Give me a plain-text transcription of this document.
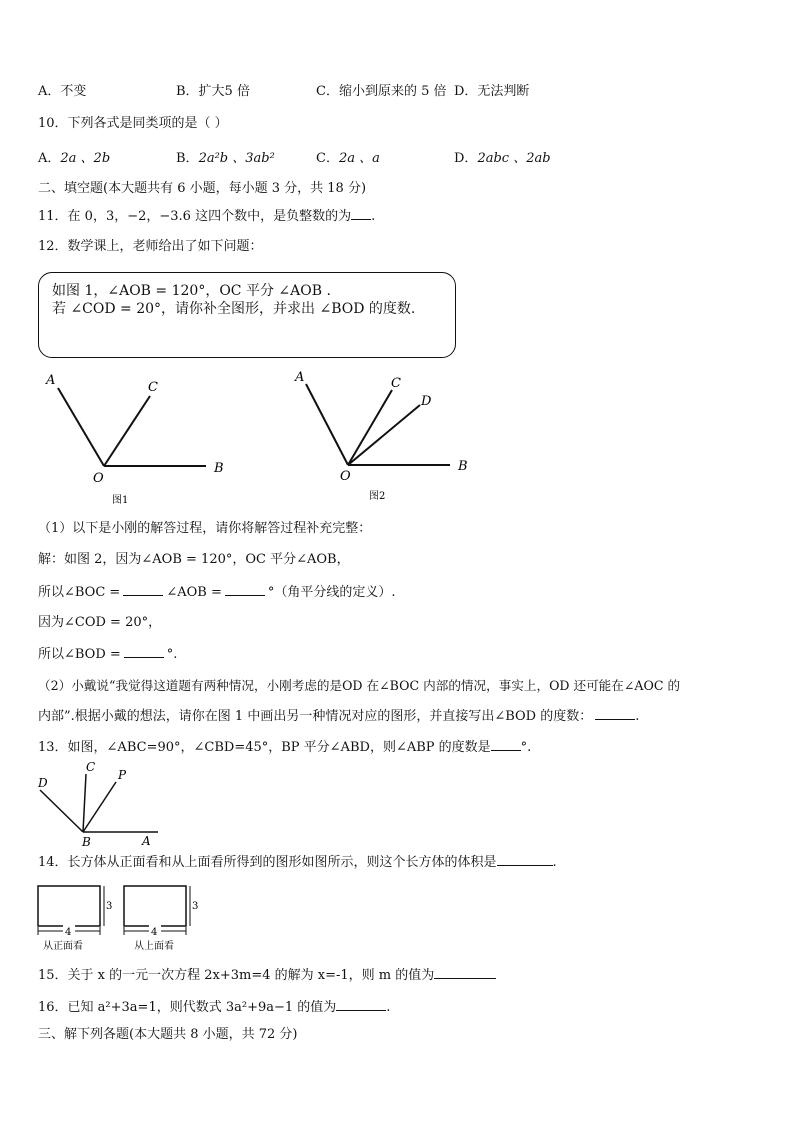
A．不变	B．扩大5 倍	C．缩小到原来的 5 倍 D．无法判断
10．下列各式是同类项的是（ ）
A．2a 、2b	B．2a²b 、3ab²	C．2a 、a	D．2abc 、2ab
二、填空题(本大题共有 6 小题，每小题 3 分，共 18 分)
11．在 0，3，−2，−3.6 这四个数中，是负整数的为 .
12．数学课上，老师给出了如下问题：
如图 1，∠AOB = 120°，OC 平分 ∠AOB .
若 ∠COD = 20°，请你补全图形，并求出 ∠BOD 的度数.
A	C
O
B
图1
A	C
D
O
B
图2
D
C
P
B	A
4
3
从正面看
4
3
从上面看
（1）以下是小刚的解答过程，请你将解答过程补充完整：
解：如图 2，因为∠AOB = 120°，OC 平分∠AOB，
所以∠BOC =	∠AOB =	°（角平分线的定义）.
因为∠COD = 20°，
所以∠BOD =	°.
（2）小戴说“我觉得这道题有两种情况，小刚考虑的是OD 在∠BOC 内部的情况，事实上，OD 还可能在∠AOC 的
内部”.根据小戴的想法，请你在图 1 中画出另一种情况对应的图形，并直接写出∠BOD 的度数：	.
13．如图，∠ABC=90°，∠CBD=45°，BP 平分∠ABD，则∠ABP 的度数是 °.
14．长方体从正面看和从上面看所得到的图形如图所示，则这个长方体的体积是	.
15．关于 x 的一元一次方程 2x+3m=4 的解为 x=-1，则 m 的值为
16．已知 a²+3a=1，则代数式 3a²+9a−1 的值为	.
三、解下列各题(本大题共 8 小题，共 72 分)
